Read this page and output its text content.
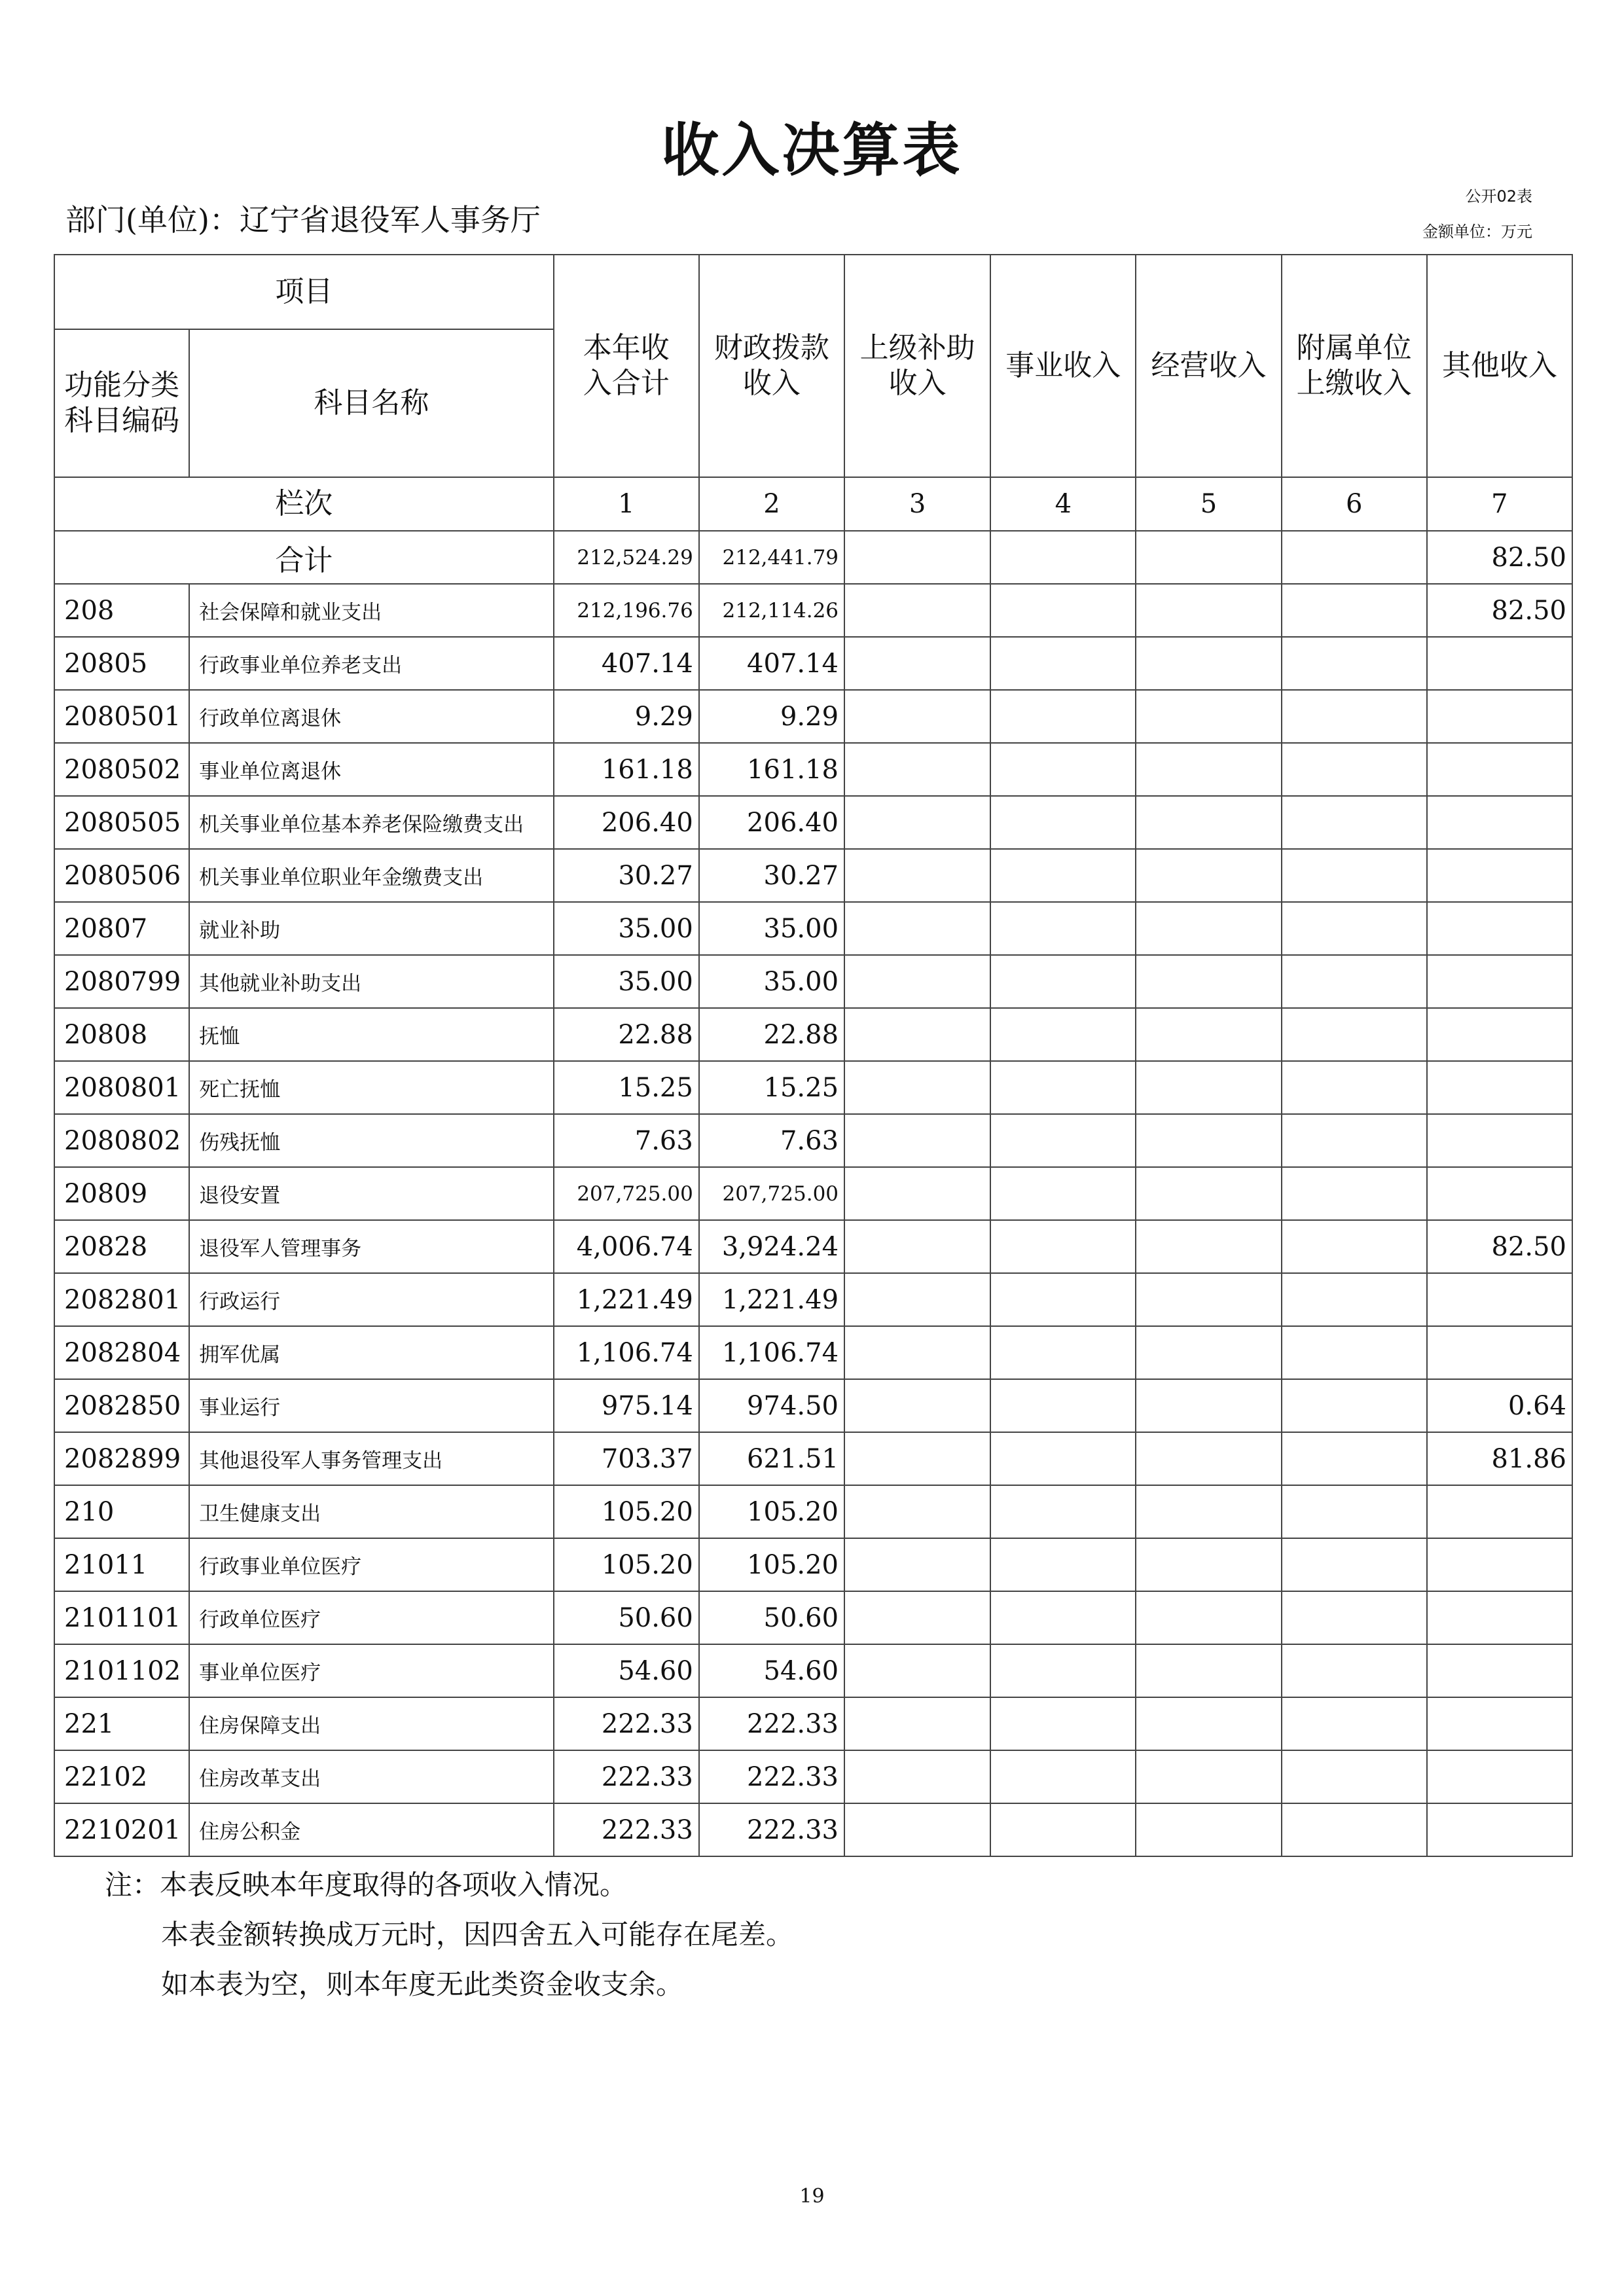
收入决算表
部门(单位)：辽宁省退役军人事务厅
公开02表
金额单位：万元
项目		本年收入合计	财政拨款收入	上级补助收入	事业收入	经营收入	附属单位上缴收入	其他收入

功能分类科目编码	科目名称							
栏次		1	2	3	4	5	6	7
合计		212,524.29	212,441.79					82.50
208	社会保障和就业支出	212,196.76	212,114.26					82.50
20805	行政事业单位养老支出	407.14	407.14					
2080501	行政单位离退休	9.29	9.29					
2080502	事业单位离退休	161.18	161.18					
2080505	机关事业单位基本养老保险缴费支出	206.40	206.40					
2080506	机关事业单位职业年金缴费支出	30.27	30.27					
20807	就业补助	35.00	35.00					
2080799	其他就业补助支出	35.00	35.00					
20808	抚恤	22.88	22.88					
2080801	死亡抚恤	15.25	15.25					
2080802	伤残抚恤	7.63	7.63					
20809	退役安置	207,725.00	207,725.00					
20828	退役军人管理事务	4,006.74	3,924.24					82.50
2082801	行政运行	1,221.49	1,221.49					
2082804	拥军优属	1,106.74	1,106.74					
2082850	事业运行	975.14	974.50					0.64
2082899	其他退役军人事务管理支出	703.37	621.51					81.86
210	卫生健康支出	105.20	105.20					
21011	行政事业单位医疗	105.20	105.20					
2101101	行政单位医疗	50.60	50.60					
2101102	事业单位医疗	54.60	54.60					
221	住房保障支出	222.33	222.33					
22102	住房改革支出	222.33	222.33					
2210201	住房公积金	222.33	222.33					
注：本表反映本年度取得的各项收入情况。
本表金额转换成万元时，因四舍五入可能存在尾差。
如本表为空，则本年度无此类资金收支余。
19
